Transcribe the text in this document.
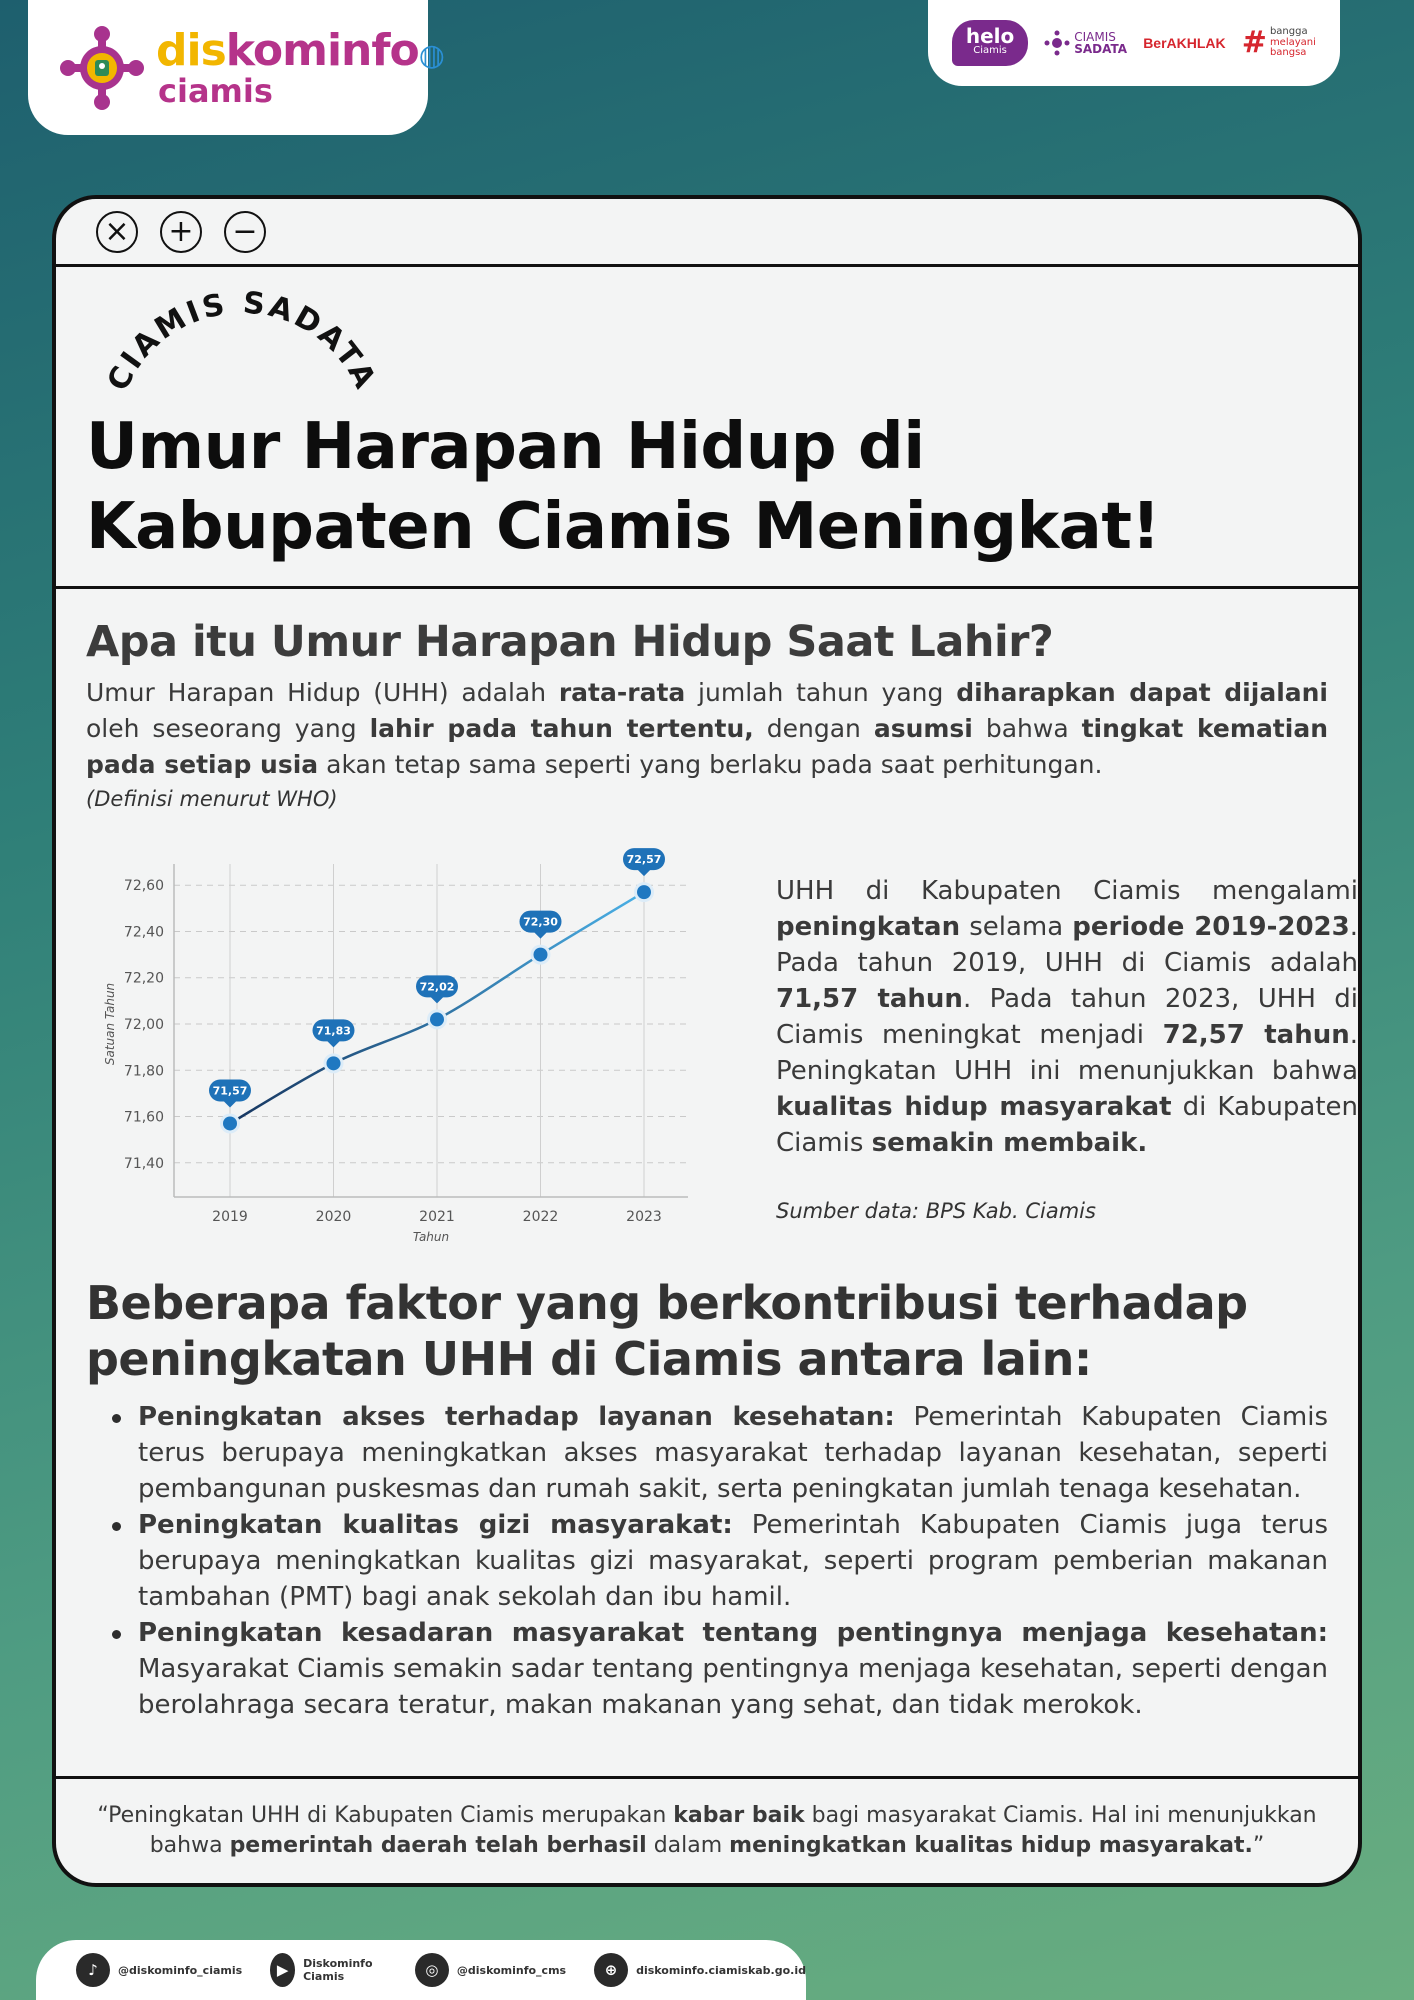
diskominfo◍
ciamis
helo
Ciamis
CIAMIS
SADATA BerAKHLAK # bangga
melayani
bangsa
× + −
CIAMIS SADATA
Umur Harapan Hidup di
Kabupaten Ciamis Meningkat!
Apa itu Umur Harapan Hidup Saat Lahir?

Umur Harapan Hidup (UHH) adalah rata-rata jumlah tahun yang diharapkan dapat dijalani oleh seseorang yang lahir pada tahun tertentu, dengan asumsi bahwa tingkat kematian pada setiap usia akan tetap sama seperti yang berlaku pada saat perhitungan.

(Definisi menurut WHO)
71,40
71,60
71,80
72,00
72,20
72,40
72,60
2019	2020	2021	2022	2023
71,57
71,83
72,02
72,30
72,57
Tahun
Satuan Tahun

UHH di Kabupaten Ciamis mengalami peningkatan selama periode 2019-2023. Pada tahun 2019, UHH di Ciamis adalah 71,57 tahun. Pada tahun 2023, UHH di Ciamis meningkat menjadi 72,57 tahun. Peningkatan UHH ini menunjukkan bahwa kualitas hidup masyarakat di Kabupaten Ciamis semakin membaik.

Sumber data: BPS Kab. Ciamis
Beberapa faktor yang berkontribusi terhadap
peningkatan UHH di Ciamis antara lain:
Peningkatan akses terhadap layanan kesehatan: Pemerintah Kabupaten Ciamis terus berupaya meningkatkan akses masyarakat terhadap layanan kesehatan, seperti pembangunan puskesmas dan rumah sakit, serta peningkatan jumlah tenaga kesehatan.
Peningkatan kualitas gizi masyarakat: Pemerintah Kabupaten Ciamis juga terus berupaya meningkatkan kualitas gizi masyarakat, seperti program pemberian makanan tambahan (PMT) bagi anak sekolah dan ibu hamil.
Peningkatan kesadaran masyarakat tentang pentingnya menjaga kesehatan: Masyarakat Ciamis semakin sadar tentang pentingnya menjaga kesehatan, seperti dengan berolahraga secara teratur, makan makanan yang sehat, dan tidak merokok.

“Peningkatan UHH di Kabupaten Ciamis merupakan kabar baik bagi masyarakat Ciamis. Hal ini menunjukkan bahwa pemerintah daerah telah berhasil dalam meningkatkan kualitas hidup masyarakat.”

♪	@diskominfo_ciamis	▶	Diskominfo Ciamis	◎	@diskominfo_cms	⊕	diskominfo.ciamiskab.go.id
